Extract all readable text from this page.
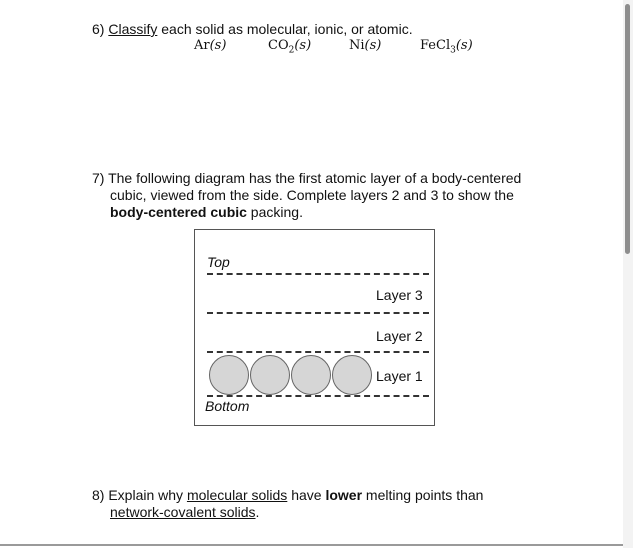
6) Classify each solid as molecular, ionic, or atomic.
Ar(s)	$CO_2(s)$	Ni(s)	FeCl$_3$(s)
7) The following diagram has the first atomic layer of a body-centered
cubic, viewed from the side. Complete layers 2 and 3 to show the
body-centered cubic packing.
Top
Layer 3
Layer 2
Layer 1
Bottom
8) Explain why molecular solids have lower melting points than
network-covalent solids.
